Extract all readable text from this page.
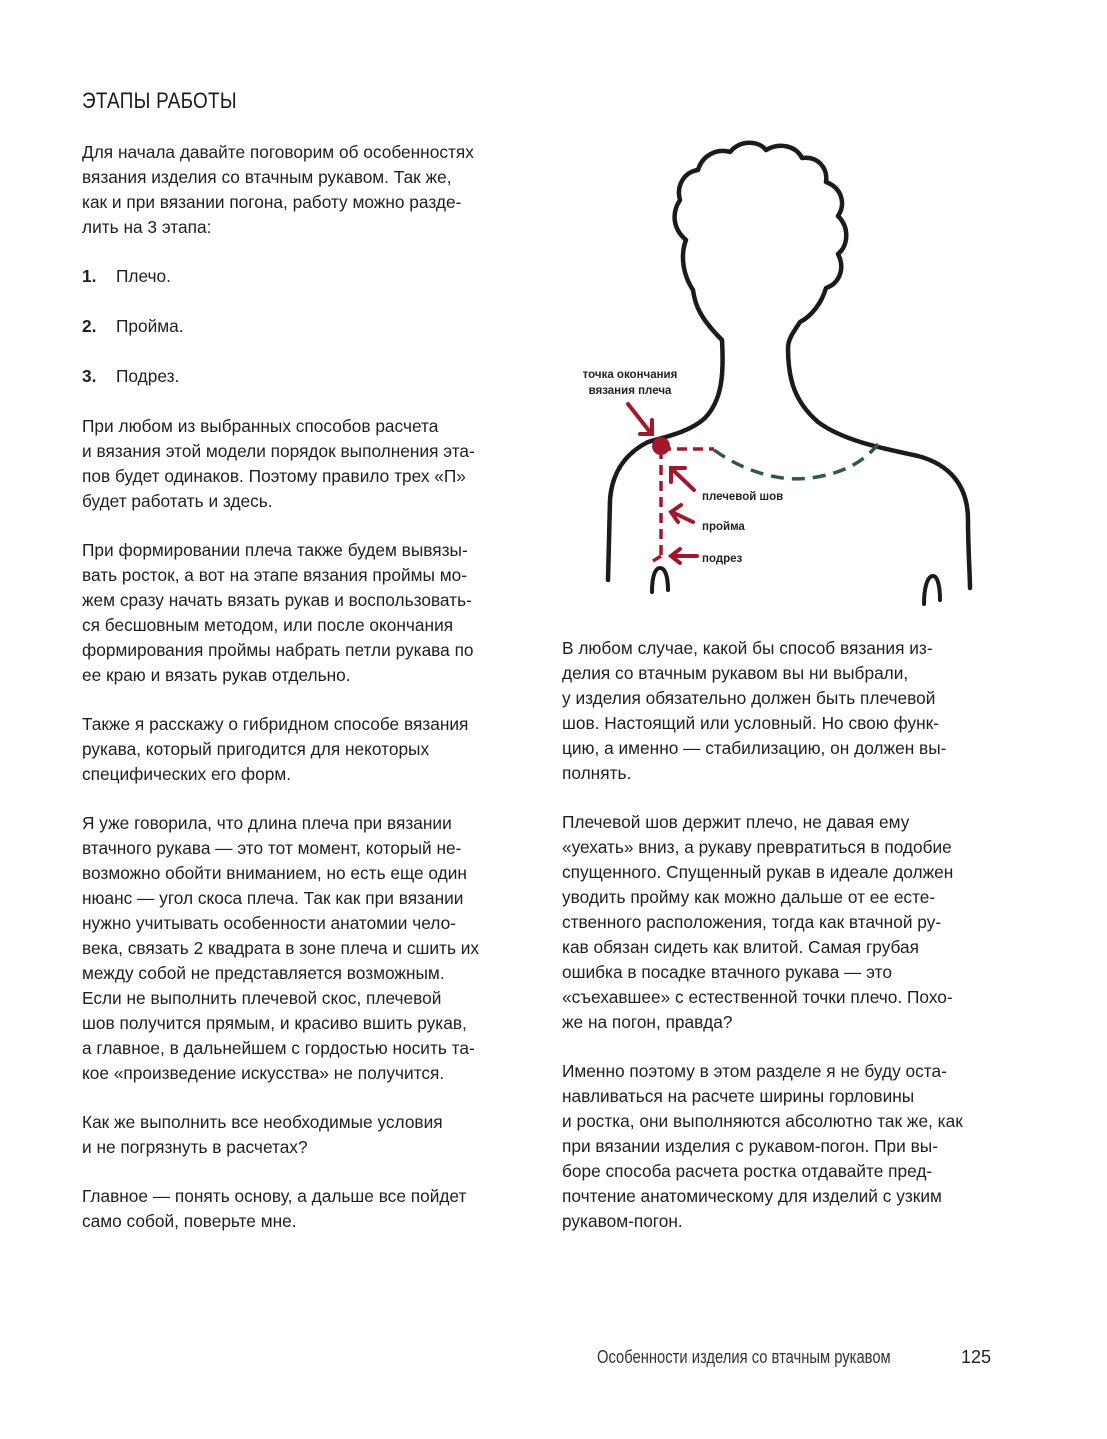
ЭТАПЫ РАБОТЫ

Для начала давайте поговорим об особенностях
вязания изделия со втачным рукавом. Так же,
как и при вязании погона, работу можно разде-
лить на 3 этапа:

1. Плечо.
2. Пройма.
3. Подрез.

При любом из выбранных способов расчета
и вязания этой модели порядок выполнения эта-
пов будет одинаков. Поэтому правило трех «П»
будет работать и здесь.

При формировании плеча также будем вывязы-
вать росток, а вот на этапе вязания проймы мо-
жем сразу начать вязать рукав и воспользовать-
ся бесшовным методом, или после окончания
формирования проймы набрать петли рукава по
ее краю и вязать рукав отдельно.

Также я расскажу о гибридном способе вязания
рукава, который пригодится для некоторых
специфических его форм.

Я уже говорила, что длина плеча при вязании
втачного рукава — это тот момент, который не-
возможно обойти вниманием, но есть еще один
нюанс — угол скоса плеча. Так как при вязании
нужно учитывать особенности анатомии чело-
века, связать 2 квадрата в зоне плеча и сшить их
между собой не представляется возможным.
Если не выполнить плечевой скос, плечевой
шов получится прямым, и красиво вшить рукав,
а главное, в дальнейшем с гордостью носить та-
кое «произведение искусства» не получится.

Как же выполнить все необходимые условия
и не погрязнуть в расчетах?

Главное — понять основу, а дальше все пойдет
само собой, поверьте мне.

точка окончания
вязания плеча
плечевой шов
пройма
подрез

В любом случае, какой бы способ вязания из-
делия со втачным рукавом вы ни выбрали,
у изделия обязательно должен быть плечевой
шов. Настоящий или условный. Но свою функ-
цию, а именно — стабилизацию, он должен вы-
полнять.

Плечевой шов держит плечо, не давая ему
«уехать» вниз, а рукаву превратиться в подобие
спущенного. Спущенный рукав в идеале должен
уводить пройму как можно дальше от ее есте-
ственного расположения, тогда как втачной ру-
кав обязан сидеть как влитой. Самая грубая
ошибка в посадке втачного рукава — это
«съехавшее» с естественной точки плечо. Похо-
же на погон, правда?

Именно поэтому в этом разделе я не буду оста-
навливаться на расчете ширины горловины
и ростка, они выполняются абсолютно так же, как
при вязании изделия с рукавом-погон. При вы-
боре способа расчета ростка отдавайте пред-
почтение анатомическому для изделий с узким
рукавом-погон.

Особенности изделия со втачным рукавом	125
